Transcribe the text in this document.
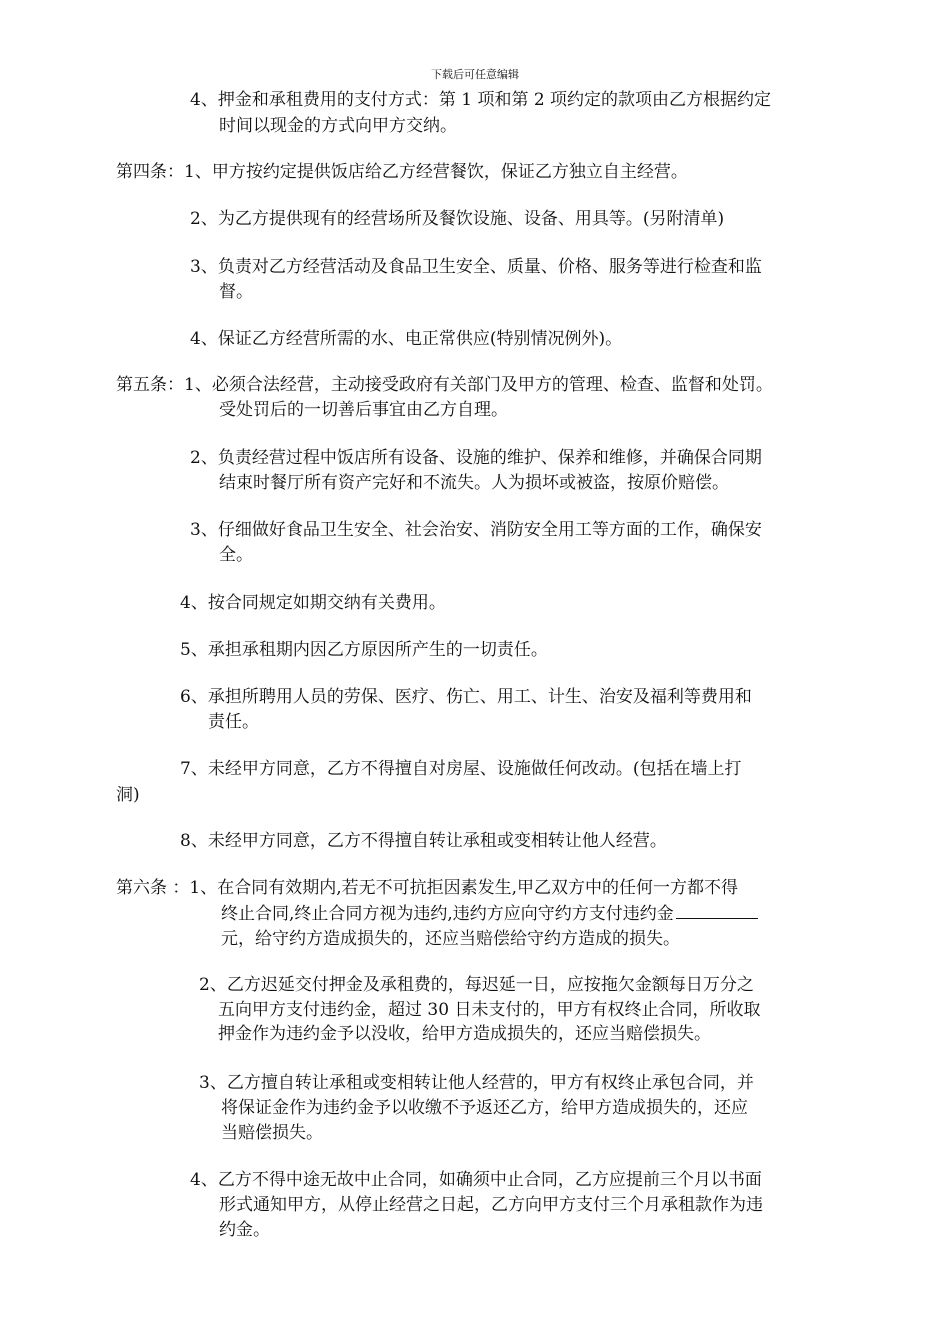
下载后可任意编辑
4、押金和承租费用的支付方式：第 1 项和第 2 项约定的款项由乙方根据约定
时间以现金的方式向甲方交纳。
第四条：1、甲方按约定提供饭店给乙方经营餐饮，保证乙方独立自主经营。
2、为乙方提供现有的经营场所及餐饮设施、设备、用具等。(另附清单)
3、负责对乙方经营活动及食品卫生安全、质量、价格、服务等进行检查和监
督。
4、保证乙方经营所需的水、电正常供应(特别情况例外)。
第五条：1、必须合法经营，主动接受政府有关部门及甲方的管理、检查、监督和处罚。
受处罚后的一切善后事宜由乙方自理。
2、负责经营过程中饭店所有设备、设施的维护、保养和维修，并确保合同期
结束时餐厅所有资产完好和不流失。人为损坏或被盗，按原价赔偿。
3、仔细做好食品卫生安全、社会治安、消防安全用工等方面的工作，确保安
全。
4、按合同规定如期交纳有关费用。
5、承担承租期内因乙方原因所产生的一切责任。
6、承担所聘用人员的劳保、医疗、伤亡、用工、计生、治安及福利等费用和
责任。
7、未经甲方同意，乙方不得擅自对房屋、设施做任何改动。(包括在墙上打
洞)
8、未经甲方同意，乙方不得擅自转让承租或变相转让他人经营。
第六条 ：1、在合同有效期内,若无不可抗拒因素发生,甲乙双方中的任何一方都不得
终止合同,终止合同方视为违约,违约方应向守约方支付违约金
元，给守约方造成损失的，还应当赔偿给守约方造成的损失。
2、乙方迟延交付押金及承租费的，每迟延一日，应按拖欠金额每日万分之
五向甲方支付违约金，超过 30 日未支付的，甲方有权终止合同，所收取
押金作为违约金予以没收，给甲方造成损失的，还应当赔偿损失。
3、乙方擅自转让承租或变相转让他人经营的，甲方有权终止承包合同，并
将保证金作为违约金予以收缴不予返还乙方，给甲方造成损失的，还应
当赔偿损失。
4、乙方不得中途无故中止合同，如确须中止合同，乙方应提前三个月以书面
形式通知甲方，从停止经营之日起，乙方向甲方支付三个月承租款作为违
约金。
